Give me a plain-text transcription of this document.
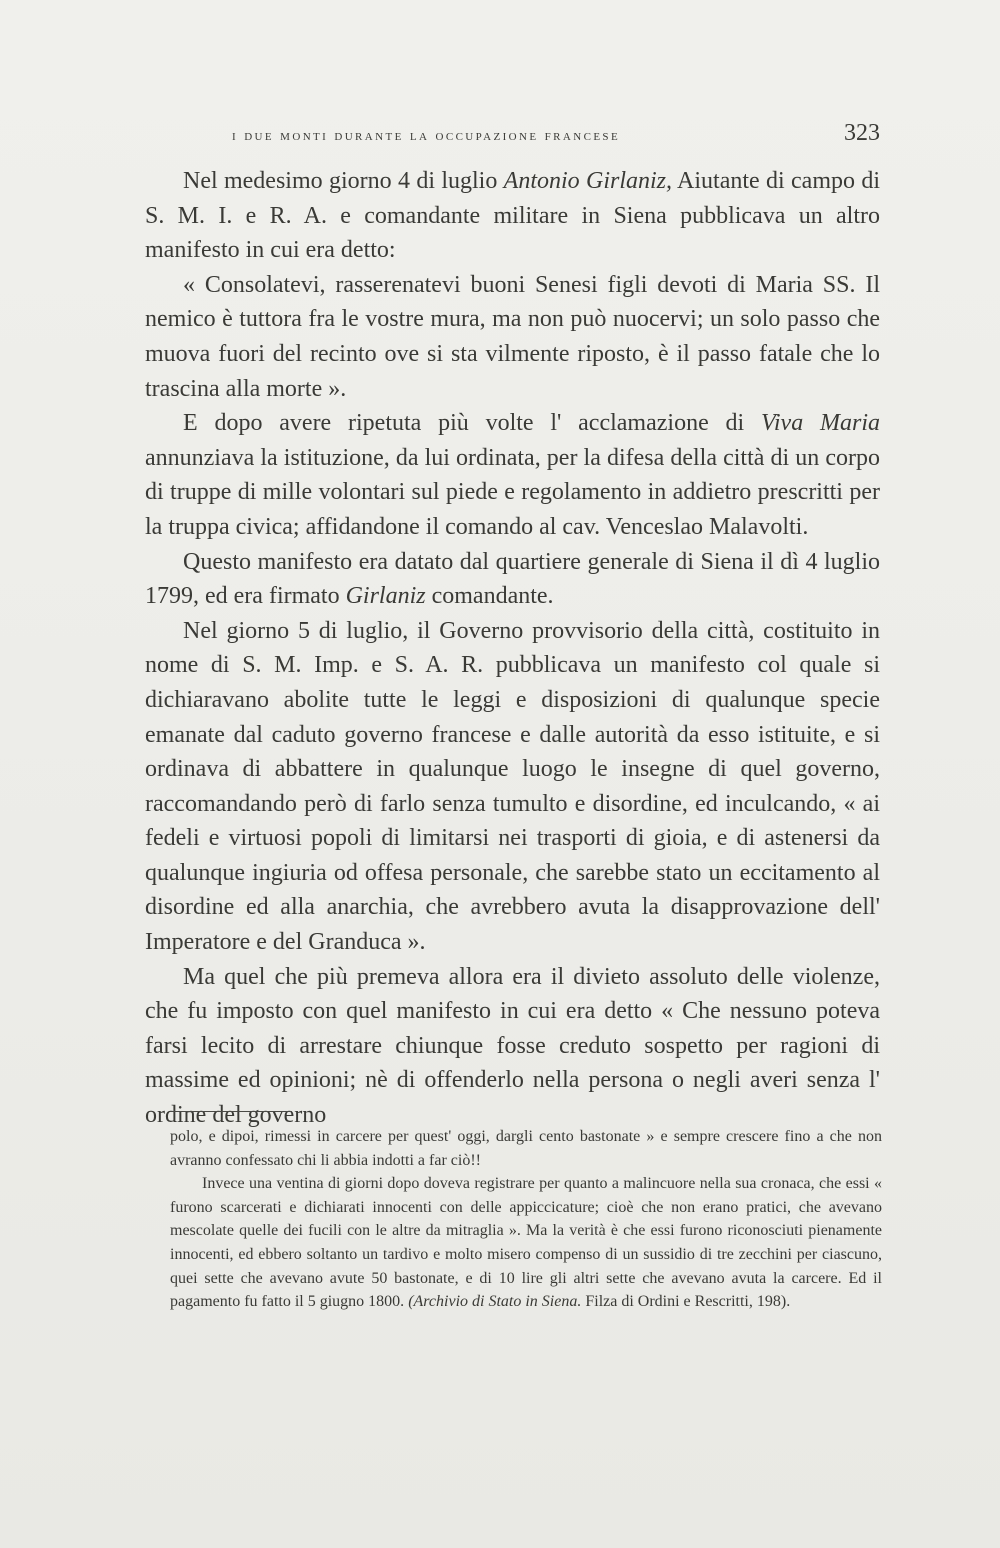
i due monti durante la occupazione francese	323

Nel medesimo giorno 4 di luglio Antonio Girlaniz, Aiutante di campo di S. M. I. e R. A. e comandante militare in Siena pubblicava un altro manifesto in cui era detto:

« Consolatevi, rasserenatevi buoni Senesi figli devoti di Maria SS. Il nemico è tuttora fra le vostre mura, ma non può nuocervi; un solo passo che muova fuori del recinto ove si sta vilmente riposto, è il passo fatale che lo trascina alla morte ».

E dopo avere ripetuta più volte l' acclamazione di Viva Maria annunziava la istituzione, da lui ordinata, per la difesa della città di un corpo di truppe di mille volontari sul piede e regolamento in addietro prescritti per la truppa civica; affidandone il comando al cav. Venceslao Malavolti.

Questo manifesto era datato dal quartiere generale di Siena il dì 4 luglio 1799, ed era firmato Girlaniz comandante.

Nel giorno 5 di luglio, il Governo provvisorio della città, costituito in nome di S. M. Imp. e S. A. R. pubblicava un manifesto col quale si dichiaravano abolite tutte le leggi e disposizioni di qualunque specie emanate dal caduto governo francese e dalle autorità da esso istituite, e si ordinava di abbattere in qualunque luogo le insegne di quel governo, raccomandando però di farlo senza tumulto e disordine, ed inculcando, « ai fedeli e virtuosi popoli di limitarsi nei trasporti di gioia, e di astenersi da qualunque ingiuria od offesa personale, che sarebbe stato un eccitamento al disordine ed alla anarchia, che avrebbero avuta la disapprovazione dell' Imperatore e del Granduca ».

Ma quel che più premeva allora era il divieto assoluto delle violenze, che fu imposto con quel manifesto in cui era detto « Che nessuno poteva farsi lecito di arrestare chiunque fosse creduto sospetto per ragioni di massime ed opinioni; nè di offenderlo nella persona o negli averi senza l' ordine del governo

polo, e dipoi, rimessi in carcere per quest' oggi, dargli cento bastonate » e sempre crescere fino a che non avranno confessato chi li abbia indotti a far ciò!!

Invece una ventina di giorni dopo doveva registrare per quanto a malincuore nella sua cronaca, che essi « furono scarcerati e dichiarati innocenti con delle appiccicature; cioè che non erano pratici, che avevano mescolate quelle dei fucili con le altre da mitraglia ». Ma la verità è che essi furono riconosciuti pienamente innocenti, ed ebbero soltanto un tardivo e molto misero compenso di un sussidio di tre zecchini per ciascuno, quei sette che avevano avute 50 bastonate, e di 10 lire gli altri sette che avevano avuta la carcere. Ed il pagamento fu fatto il 5 giugno 1800. (Archivio di Stato in Siena. Filza di Ordini e Rescritti, 198).
